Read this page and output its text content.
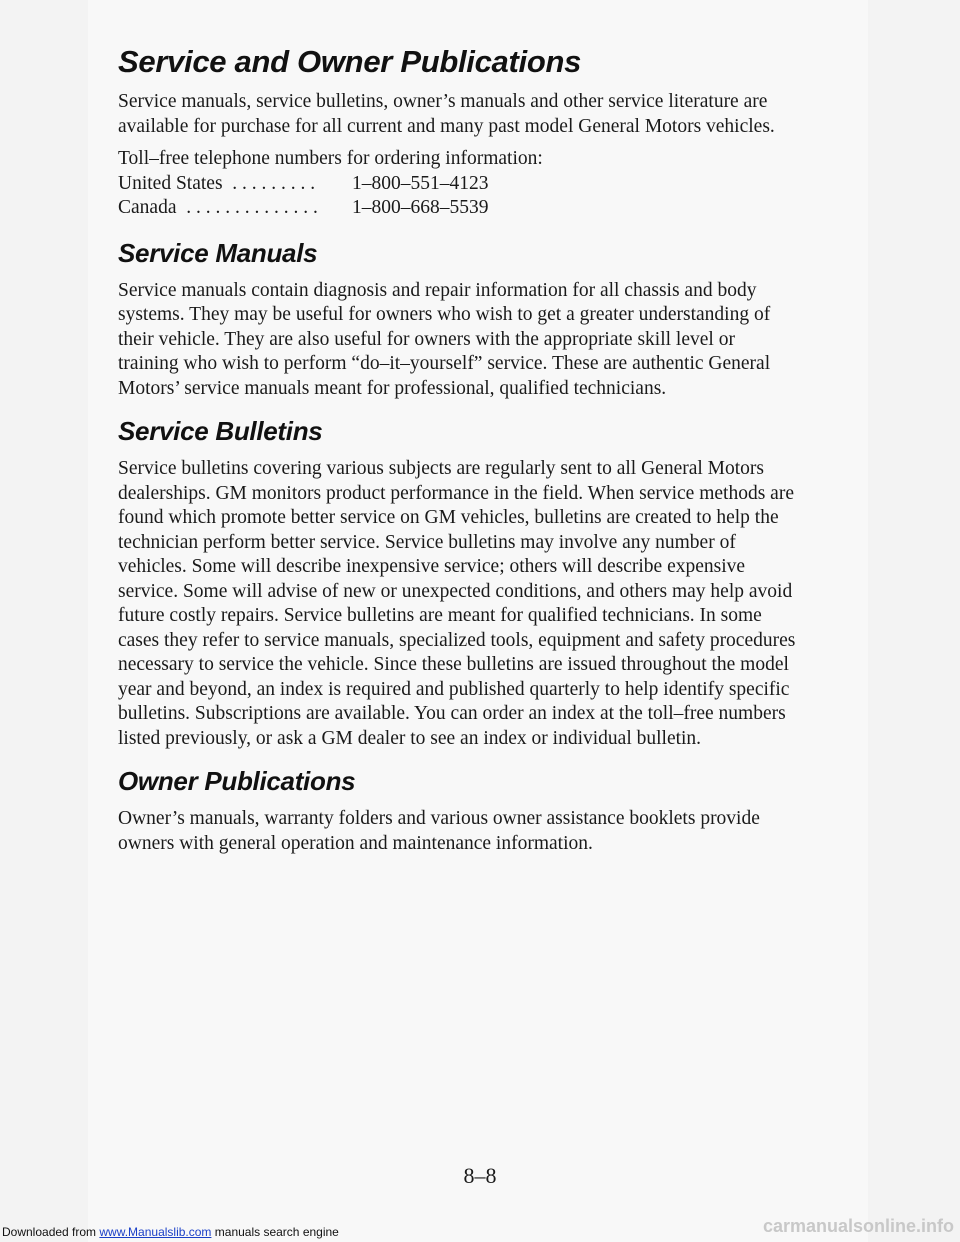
Service and Owner Publications

Service manuals, service bulletins, owner’s manuals and other service literature are available for purchase for all current and many past model General Motors vehicles.

Toll–free telephone numbers for ordering information:
United States  . . . . . . . . .	1–800–551–4123
Canada  . . . . . . . . . . . . . .	1–800–668–5539
Service Manuals

Service manuals contain diagnosis and repair information for all chassis and body systems. They may be useful for owners who wish to get a greater understanding of their vehicle. They are also useful for owners with the appropriate skill level or training who wish to perform “do–it–yourself” service. These are authentic General Motors’ service manuals meant for professional, qualified technicians.

Service Bulletins

Service bulletins covering various subjects are regularly sent to all General Motors dealerships. GM monitors product performance in the field. When service methods are found which promote better service on GM vehicles, bulletins are created to help the technician perform better service. Service bulletins may involve any number of vehicles. Some will describe inexpensive service; others will describe expensive service. Some will advise of new or unexpected conditions, and others may help avoid future costly repairs. Service bulletins are meant for qualified technicians. In some cases they refer to service manuals, specialized tools, equipment and safety procedures necessary to service the vehicle. Since these bulletins are issued throughout the model year and beyond, an index is required and published quarterly to help identify specific bulletins. Subscriptions are available. You can order an index at the toll–free numbers listed previously, or ask a GM dealer to see an index or individual bulletin.

Owner Publications

Owner’s manuals, warranty folders and various owner assistance booklets provide owners with general operation and maintenance information.

8–8
Downloaded from www.Manualslib.com manuals search engine	carmanualsonline.info
